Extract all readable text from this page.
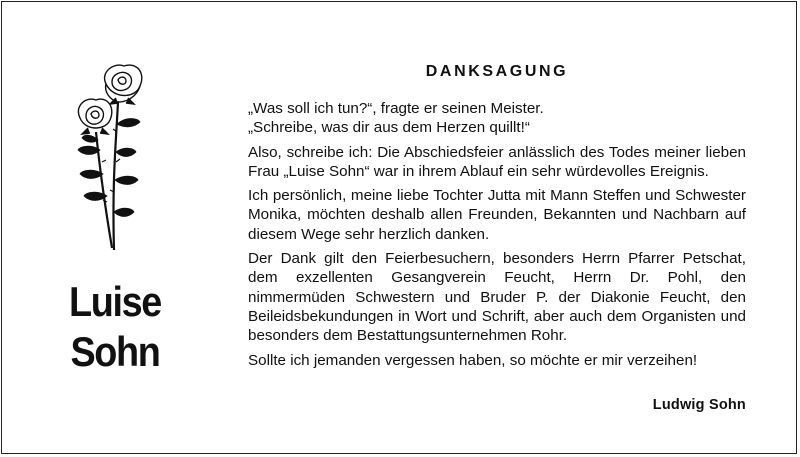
Luise
Sohn
DANKSAGUNG

„Was soll ich tun?“, fragte er seinen Meister.
„Schreibe, was dir aus dem Herzen quillt!“

Also, schreibe ich: Die Abschiedsfeier anlässlich des Todes meiner lieben Frau „Luise Sohn“ war in ihrem Ablauf ein sehr würdevolles Ereignis.

Ich persönlich, meine liebe Tochter Jutta mit Mann Steffen und Schwester Monika, möchten deshalb allen Freunden, Bekannten und Nachbarn auf diesem Wege sehr herzlich danken.

Der Dank gilt den Feierbesuchern, besonders Herrn Pfarrer Petschat, dem exzellenten Gesangverein Feucht, Herrn Dr. Pohl, den nimmermüden Schwestern und Bruder P. der Diakonie Feucht, den Beileidsbekundungen in Wort und Schrift, aber auch dem Organisten und besonders dem Bestattungsunternehmen Rohr.

Sollte ich jemanden vergessen haben, so möchte er mir verzeihen!

Ludwig Sohn
